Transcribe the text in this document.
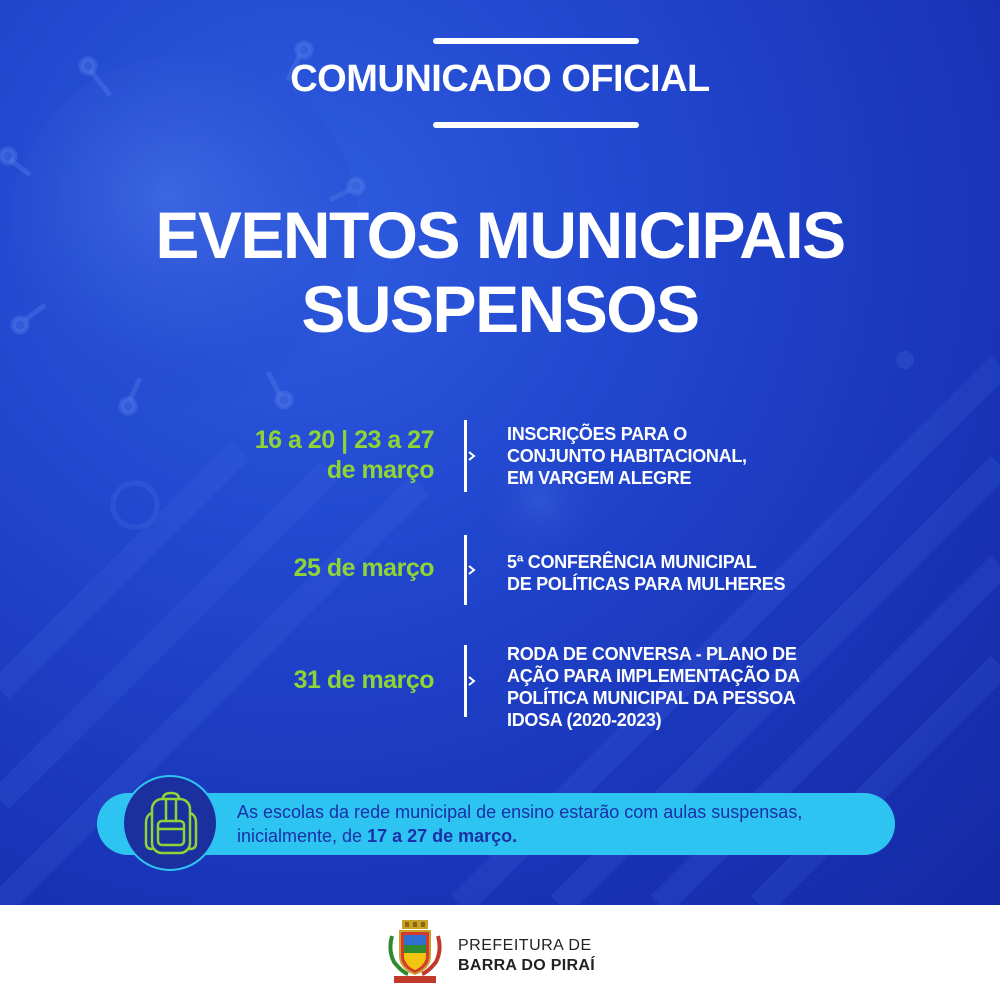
COMUNICADO OFICIAL
EVENTOS MUNICIPAIS
SUSPENSOS
16 a 20 | 23 a 27
de março
INSCRIÇÕES PARA O
CONJUNTO HABITACIONAL,
EM VARGEM ALEGRE
25 de março	5ª CONFERÊNCIA MUNICIPAL
DE POLÍTICAS PARA MULHERES
31 de março
RODA DE CONVERSA - PLANO DE
AÇÃO PARA IMPLEMENTAÇÃO DA
POLÍTICA MUNICIPAL DA PESSOA
IDOSA (2020-2023)
As escolas da rede municipal de ensino estarão com aulas suspensas,
inicialmente, de 17 a 27 de março.
PREFEITURA DE
BARRA DO PIRAÍ
